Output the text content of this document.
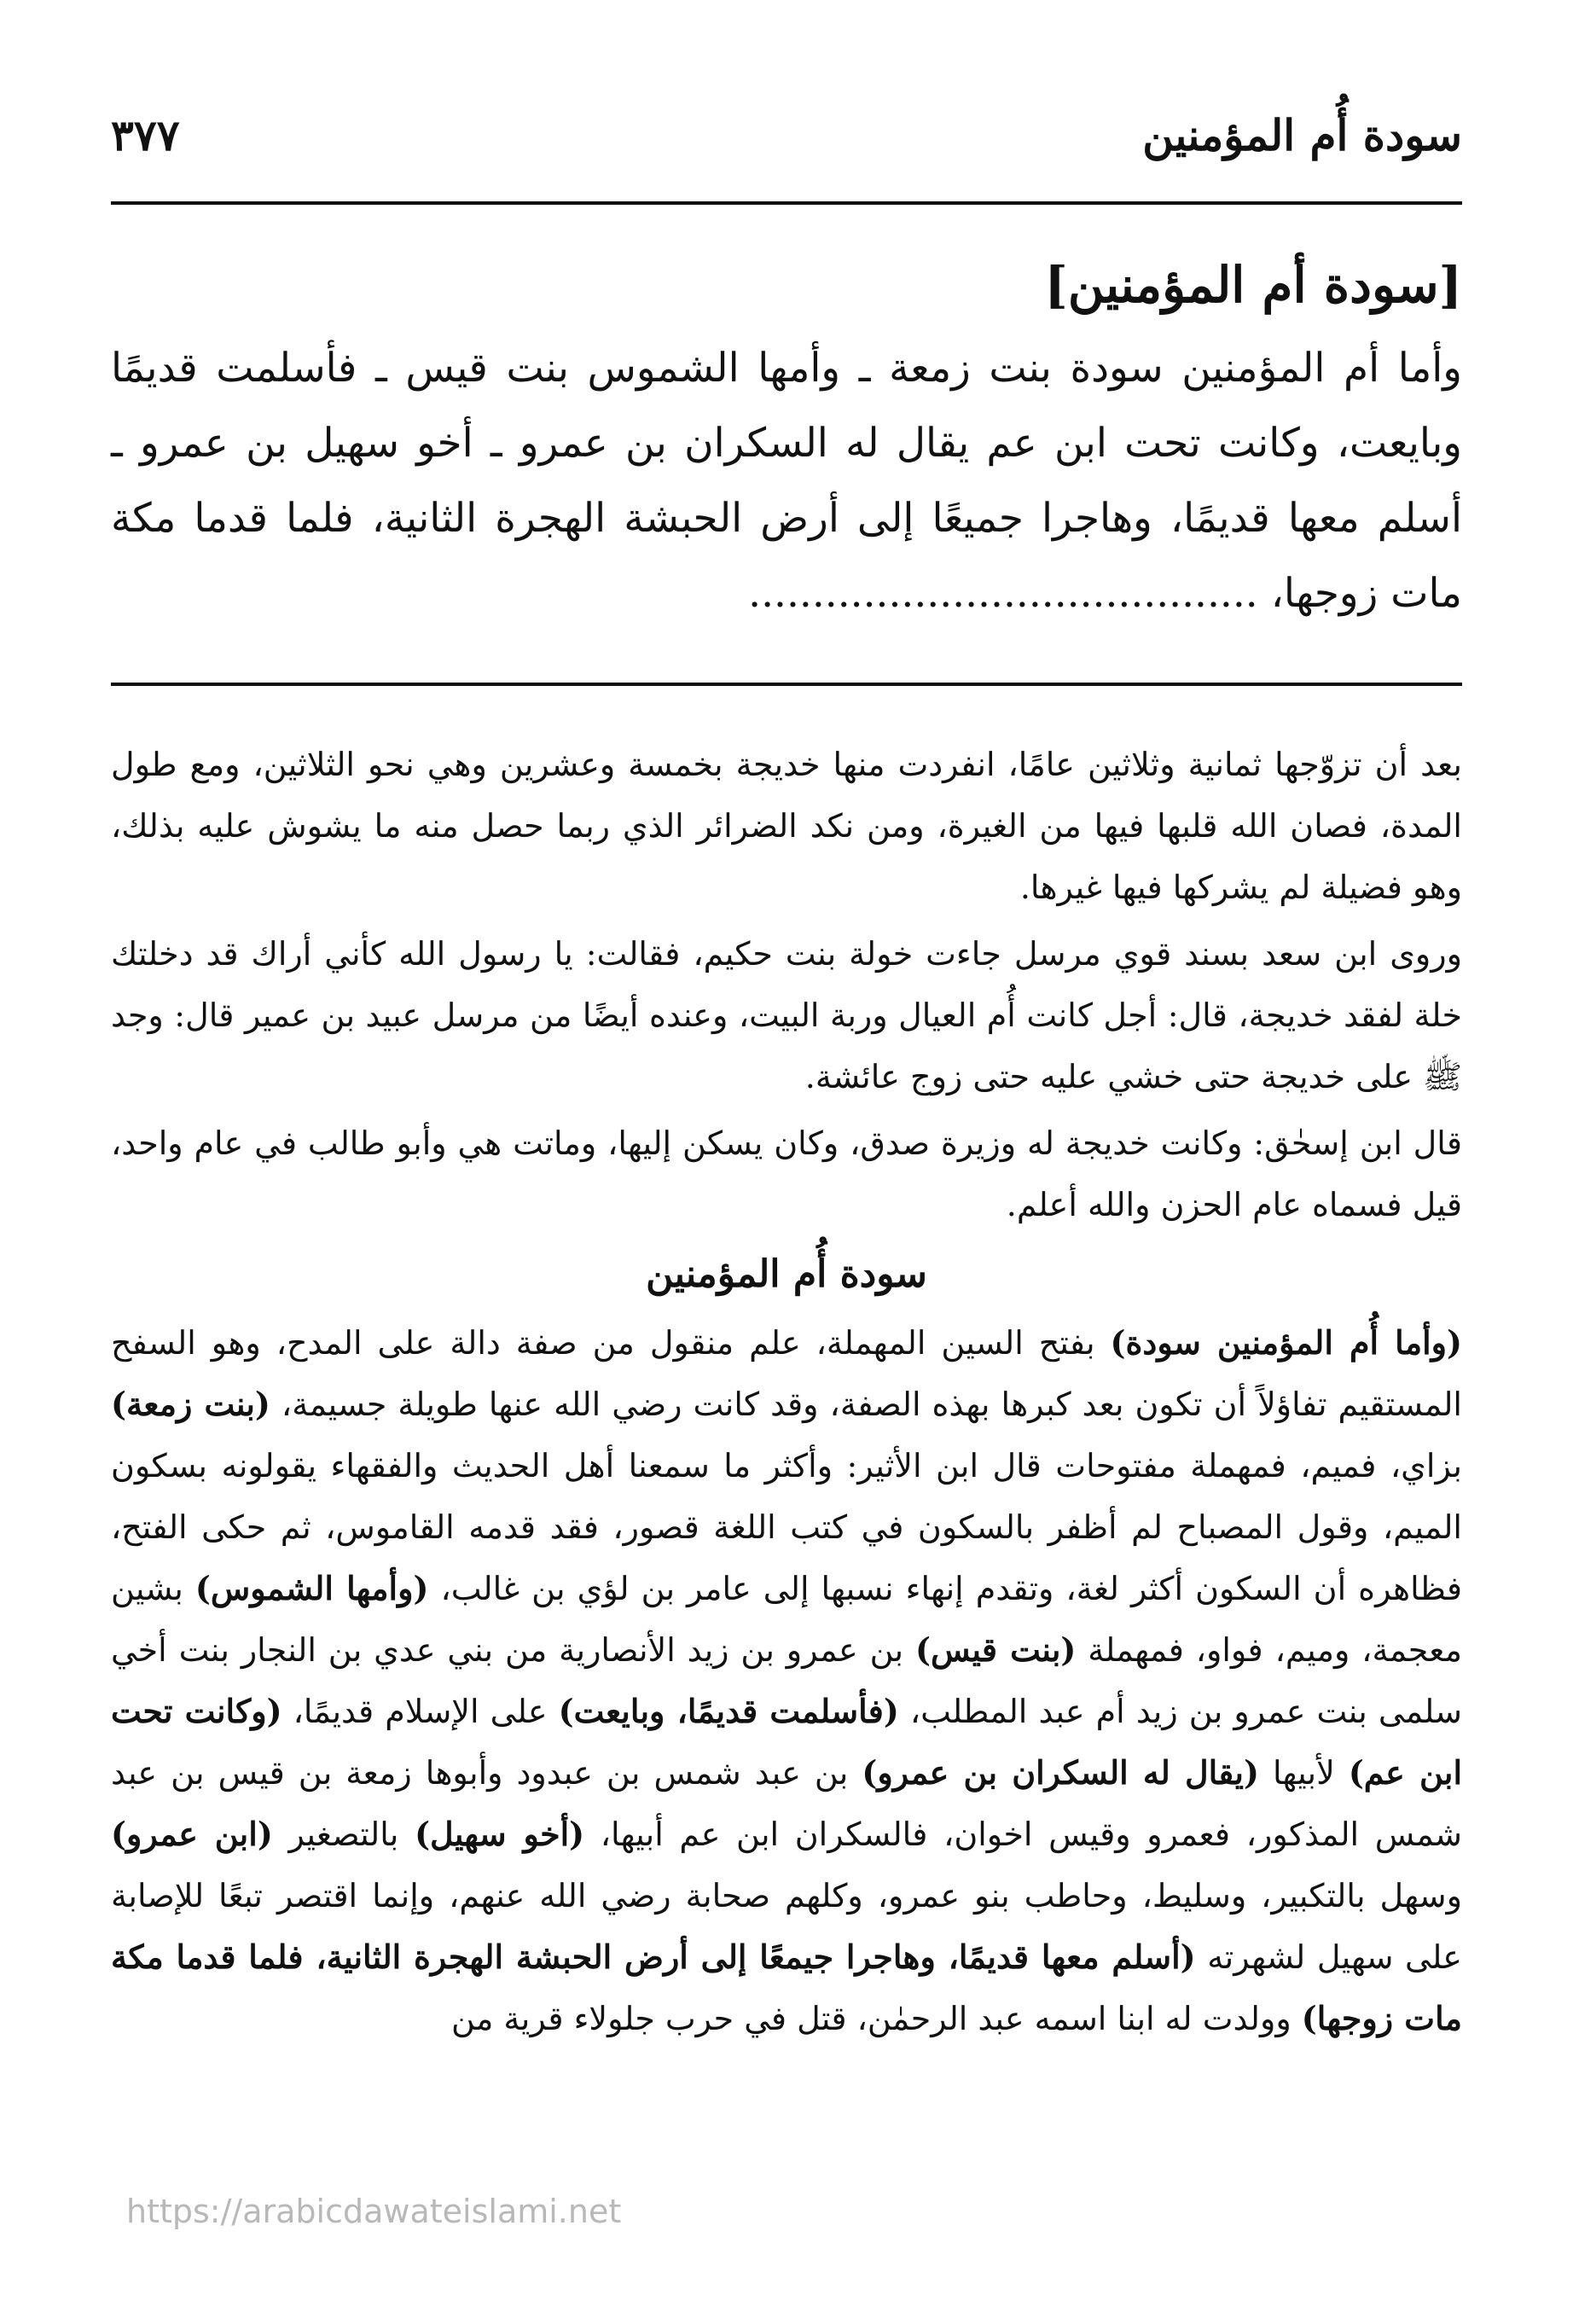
سودة أُم المؤمنين
٣٧٧
[سودة أم المؤمنين]

وأما أم المؤمنين سودة بنت زمعة ـ وأمها الشموس بنت قيس ـ فأسلمت قديمًا وبايعت، وكانت تحت ابن عم يقال له السكران بن عمرو ـ أخو سهيل بن عمرو ـ أسلم معها قديمًا، وهاجرا جميعًا إلى أرض الحبشة الهجرة الثانية، فلما قدما مكة مات زوجها، ........................................

بعد أن تزوّجها ثمانية وثلاثين عامًا، انفردت منها خديجة بخمسة وعشرين وهي نحو الثلاثين، ومع طول المدة، فصان الله قلبها فيها من الغيرة، ومن نكد الضرائر الذي ربما حصل منه ما يشوش عليه بذلك، وهو فضيلة لم يشركها فيها غيرها.

وروى ابن سعد بسند قوي مرسل جاءت خولة بنت حكيم، فقالت: يا رسول الله كأني أراك قد دخلتك خلة لفقد خديجة، قال: أجل كانت أُم العيال وربة البيت، وعنده أيضًا من مرسل عبيد بن عمير قال: وجد ﷺ على خديجة حتى خشي عليه حتى زوج عائشة.

قال ابن إسحٰق: وكانت خديجة له وزيرة صدق، وكان يسكن إليها، وماتت هي وأبو طالب في عام واحد، قيل فسماه عام الحزن والله أعلم.

سودة أُم المؤمنين

(وأما أُم المؤمنين سودة) بفتح السين المهملة، علم منقول من صفة دالة على المدح، وهو السفح المستقيم تفاؤلاً أن تكون بعد كبرها بهذه الصفة، وقد كانت رضي الله عنها طويلة جسيمة، (بنت زمعة) بزاي، فميم، فمهملة مفتوحات قال ابن الأثير: وأكثر ما سمعنا أهل الحديث والفقهاء يقولونه بسكون الميم، وقول المصباح لم أظفر بالسكون في كتب اللغة قصور، فقد قدمه القاموس، ثم حكى الفتح، فظاهره أن السكون أكثر لغة، وتقدم إنهاء نسبها إلى عامر بن لؤي بن غالب، (وأمها الشموس) بشين معجمة، وميم، فواو، فمهملة (بنت قيس) بن عمرو بن زيد الأنصارية من بني عدي بن النجار بنت أخي سلمى بنت عمرو بن زيد أم عبد المطلب، (فأسلمت قديمًا، وبايعت) على الإسلام قديمًا، (وكانت تحت ابن عم) لأبيها (يقال له السكران بن عمرو) بن عبد شمس بن عبدود وأبوها زمعة بن قيس بن عبد شمس المذكور، فعمرو وقيس اخوان، فالسكران ابن عم أبيها، (أخو سهيل) بالتصغير (ابن عمرو) وسهل بالتكبير، وسليط، وحاطب بنو عمرو، وكلهم صحابة رضي الله عنهم، وإنما اقتصر تبعًا للإصابة على سهيل لشهرته (أسلم معها قديمًا، وهاجرا جيمعًا إلى أرض الحبشة الهجرة الثانية، فلما قدما مكة مات زوجها) وولدت له ابنا اسمه عبد الرحمٰن، قتل في حرب جلولاء قرية من

https://arabicdawateislami.net
